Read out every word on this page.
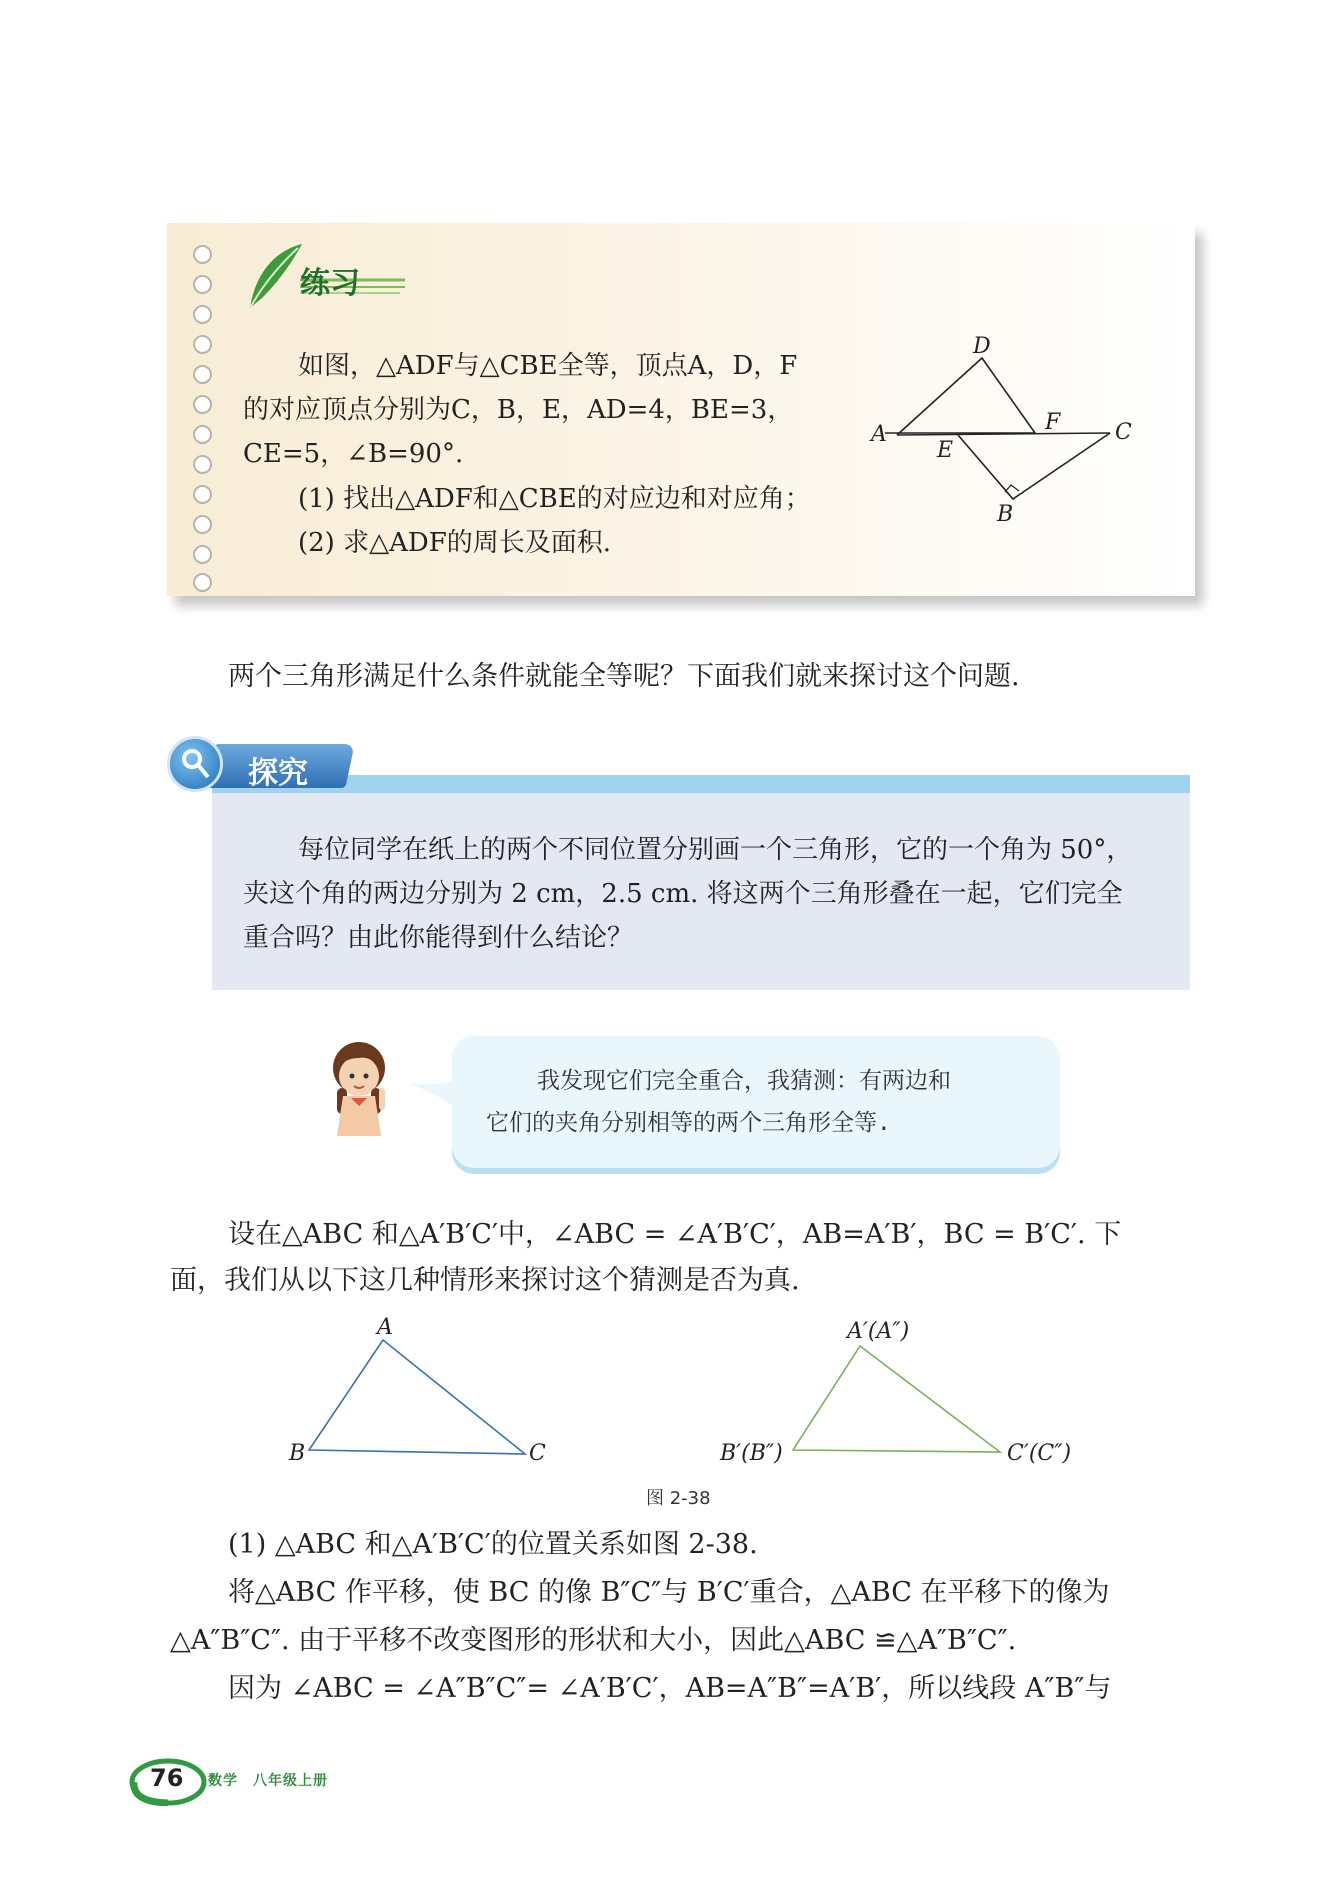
练习
如图，△ADF与△CBE全等，顶点A，D，F
的对应顶点分别为C，B，E，AD=4，BE=3，
CE=5，∠B=90°.
(1) 找出△ADF和△CBE的对应边和对应角；
(2) 求△ADF的周长及面积.
A
D
F C
E
B
两个三角形满足什么条件就能全等呢？下面我们就来探讨这个问题.
探究
每位同学在纸上的两个不同位置分别画一个三角形，它的一个角为 50°，
夹这个角的两边分别为 2 cm，2.5 cm. 将这两个三角形叠在一起，它们完全
重合吗？由此你能得到什么结论？
我发现它们完全重合，我猜测：有两边和
它们的夹角分别相等的两个三角形全等.
设在△ABC 和△A′B′C′中，∠ABC = ∠A′B′C′，AB=A′B′，BC = B′C′. 下
面，我们从以下这几种情形来探讨这个猜测是否为真.
A
B	C
A′(A″)
B′(B″)	C′(C″)
图 2-38
(1) △ABC 和△A′B′C′的位置关系如图 2-38.
将△ABC 作平移，使 BC 的像 B″C″与 B′C′重合，△ABC 在平移下的像为
△A″B″C″. 由于平移不改变图形的形状和大小，因此△ABC ≌△A″B″C″.
因为 ∠ABC = ∠A″B″C″= ∠A′B′C′，AB=A″B″=A′B′，所以线段 A″B″与
76 数学　八年级上册
